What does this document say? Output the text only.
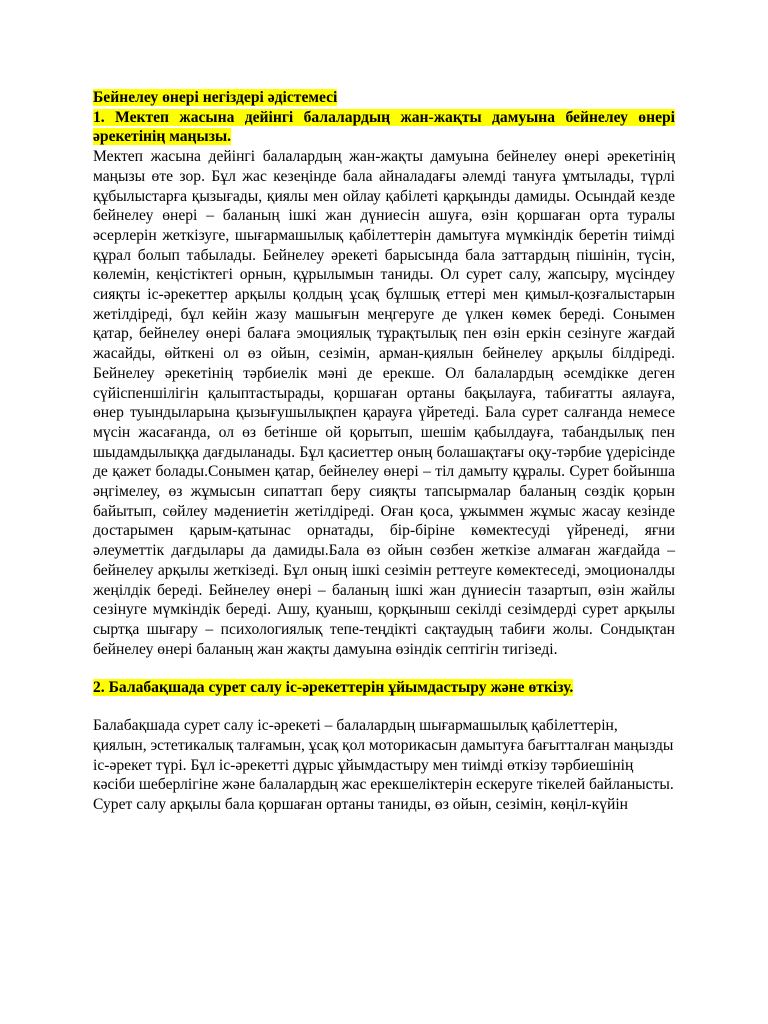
Бейнелеу өнері негіздері әдістемесі
1. Мектеп жасына дейінгі балалардың жан-жақты дамуына бейнелеу өнері әрекетінің маңызы.

Мектеп жасына дейінгі балалардың жан-жақты дамуына бейнелеу өнері әрекетінің маңызы өте зор. Бұл жас кезеңінде бала айналадағы әлемді тануға ұмтылады, түрлі құбылыстарға қызығады, қиялы мен ойлау қабілеті қарқынды дамиды. Осындай кезде бейнелеу өнері – баланың ішкі жан дүниесін ашуға, өзін қоршаған орта туралы әсерлерін жеткізуге, шығармашылық қабілеттерін дамытуға мүмкіндік беретін тиімді құрал болып табылады. Бейнелеу әрекеті барысында бала заттардың пішінін, түсін, көлемін, кеңістіктегі орнын, құрылымын таниды. Ол сурет салу, жапсыру, мүсіндеу сияқты іс-әрекеттер арқылы қолдың ұсақ бұлшық еттері мен қимыл-қозғалыстарын жетілдіреді, бұл кейін жазу машығын меңгеруге де үлкен көмек береді. Сонымен қатар, бейнелеу өнері балаға эмоциялық тұрақтылық пен өзін еркін сезінуге жағдай жасайды, өйткені ол өз ойын, сезімін, арман-қиялын бейнелеу арқылы білдіреді. Бейнелеу әрекетінің тәрбиелік мәні де ерекше. Ол балалардың әсемдікке деген сүйіспеншілігін қалыптастырады, қоршаған ортаны бақылауға, табиғатты аялауға, өнер туындыларына қызығушылықпен қарауға үйретеді. Бала сурет салғанда немесе мүсін жасағанда, ол өз бетінше ой қорытып, шешім қабылдауға, табандылық пен шыдамдылыққа дағдыланады. Бұл қасиеттер оның болашақтағы оқу-тәрбие үдерісінде де қажет болады.Сонымен қатар, бейнелеу өнері – тіл дамыту құралы. Сурет бойынша әңгімелеу, өз жұмысын сипаттап беру сияқты тапсырмалар баланың сөздік қорын байытып, сөйлеу мәдениетін жетілдіреді. Оған қоса, ұжыммен жұмыс жасау кезінде достарымен қарым-қатынас орнатады, бір-біріне көмектесуді үйренеді, яғни әлеуметтік дағдылары да дамиды.Бала өз ойын сөзбен жеткізе алмаған жағдайда – бейнелеу арқылы жеткізеді. Бұл оның ішкі сезімін реттеуге көмектеседі, эмоционалды жеңілдік береді. Бейнелеу өнері – баланың ішкі жан дүниесін тазартып, өзін жайлы сезінуге мүмкіндік береді. Ашу, қуаныш, қорқыныш секілді сезімдерді сурет арқылы сыртқа шығару – психологиялық тепе-теңдікті сақтаудың табиғи жолы. Сондықтан бейнелеу өнері баланың жан жақты дамуына өзіндік септігін тигізеді.

2. Балабақшада сурет салу іс-әрекеттерін ұйымдастыру және өткізу.

Балабақшада сурет салу іс-әрекеті – балалардың шығармашылық қабілеттерін, қиялын, эстетикалық талғамын, ұсақ қол моторикасын дамытуға бағытталған маңызды іс-әрекет түрі. Бұл іс-әрекетті дұрыс ұйымдастыру мен тиімді өткізу тәрбиешінің кәсіби шеберлігіне және балалардың жас ерекшеліктерін ескеруге тікелей байланысты. Сурет салу арқылы бала қоршаған ортаны таниды, өз ойын, сезімін, көңіл-күйін
